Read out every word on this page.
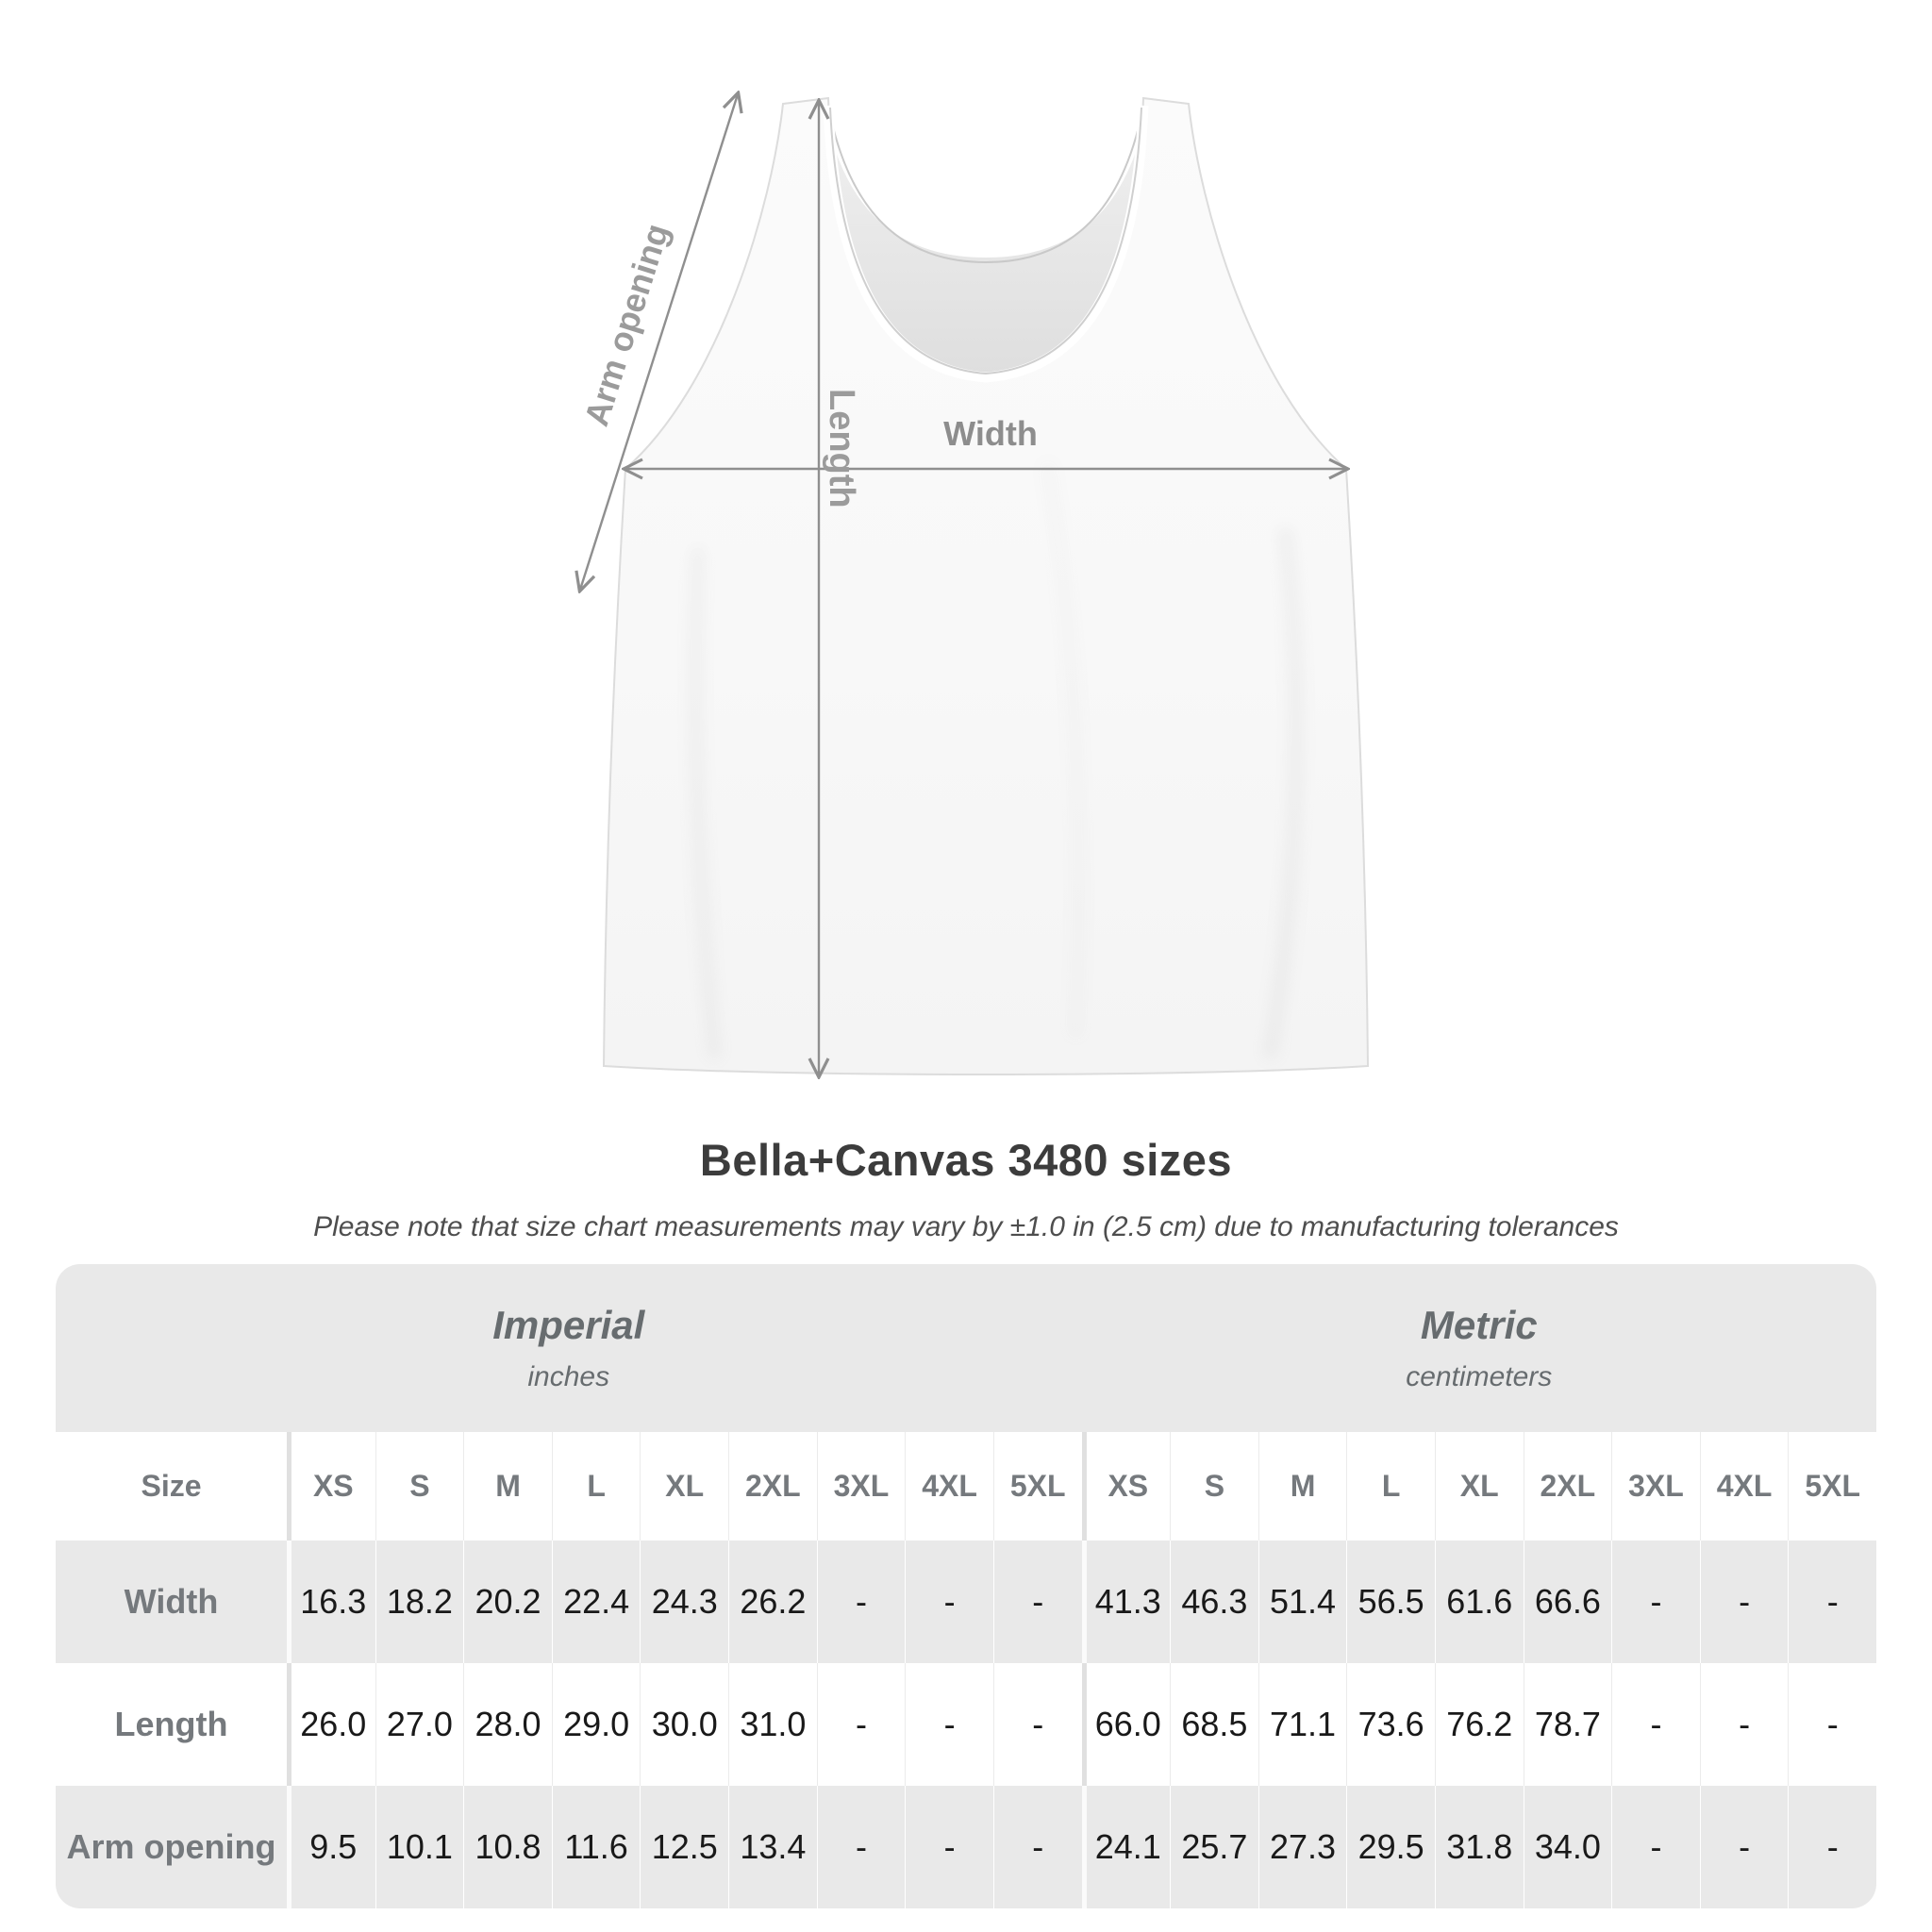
Arm opening
Length Width
Bella+Canvas 3480 sizes
Please note that size chart measurements may vary by ±1.0 in (2.5 cm) due to manufacturing tolerances
Imperial
inches
Metric
centimeters
Size	XS	S	M	L	XL	2XL	3XL	4XL	5XL	XS	S	M	L	XL	2XL	3XL	4XL	5XL
Width	16.3 18.2 20.2 22.4 24.3 26.2	-	-	-	41.3 46.3 51.4 56.5 61.6 66.6	-	-	-
Length	26.0 27.0 28.0 29.0 30.0 31.0	-	-	-	66.0 68.5 71.1 73.6 76.2 78.7	-	-	-
Arm opening 9.5 10.1 10.8 11.6 12.5 13.4	-	-	-	24.1 25.7 27.3 29.5 31.8 34.0	-	-	-
